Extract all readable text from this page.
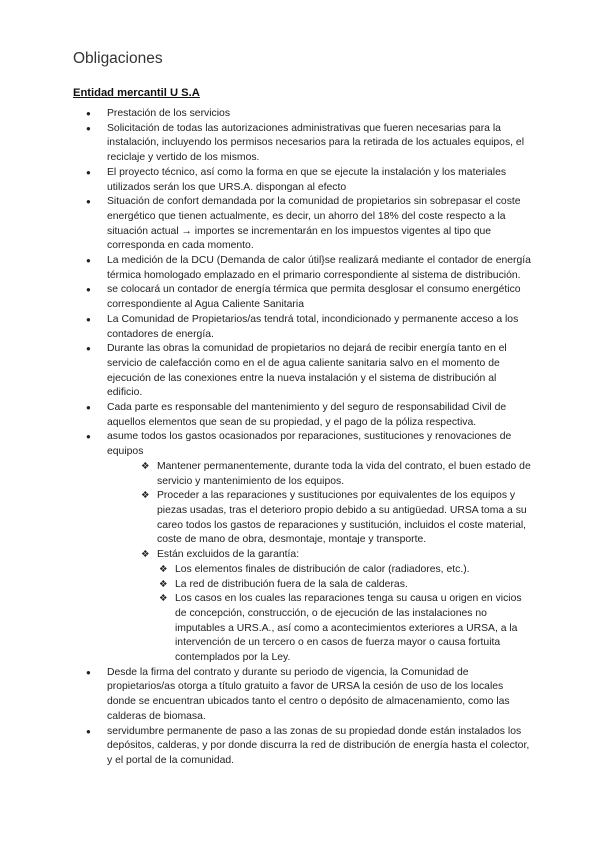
Obligaciones
Entidad mercantil U S.A
● Prestación de los servicios
● Solicitación de todas las autorizaciones administrativas que fueren necesarias para la instalación, incluyendo los permisos necesarios para la retirada de los actuales equipos, el reciclaje y vertido de los mismos.
● El proyecto técnico, así como la forma en que se ejecute la instalación y los materiales utilizados serán los que URS.A. dispongan al efecto
● Situación de confort demandada por la comunidad de propietarios sin sobrepasar el coste energético que tienen actualmente, es decir, un ahorro del 18% del coste respecto a la situación actual → importes se incrementarán en los impuestos vigentes al tipo que corresponda en cada momento.
● La medición de la DCU (Demanda de calor útil}se realizará mediante el contador de energía térmica homologado emplazado en el primario correspondiente al sistema de distribución.
● se colocará un contador de energía térmica que permita desglosar el consumo energético correspondiente al Agua Caliente Sanitaria
● La Comunidad de Propietarios/as tendrá total, incondicionado y permanente acceso a los contadores de energía.
● Durante las obras la comunidad de propietarios no dejará de recibir energía tanto en el servicio de calefacción como en el de agua caliente sanitaria salvo en el momento de ejecución de las conexiones entre la nueva instalación y el sistema de distribución al edificio.
● Cada parte es responsable del mantenimiento y del seguro de responsabilidad Civil de aquellos elementos que sean de su propiedad, y el pago de la póliza respectiva.
● asume todos los gastos ocasionados por reparaciones, sustituciones y renovaciones de equipos
❖ Mantener permanentemente, durante toda la vida del contrato, el buen estado de servicio y mantenimiento de los equipos.
❖ Proceder a las reparaciones y sustituciones por equivalentes de los equipos y piezas usadas, tras el deterioro propio debido a su antigüedad. URSA toma a su careo todos los gastos de reparaciones y sustitución, incluidos el coste material, coste de mano de obra, desmontaje, montaje y transporte.
❖ Están excluidos de la garantía:
❖ Los elementos finales de distribución de calor (radiadores, etc.).
❖ La red de distribución fuera de la sala de calderas.
❖ Los casos en los cuales las reparaciones tenga su causa u origen en vicios de concepción, construcción, o de ejecución de las instalaciones no imputables a URS.A., así como a acontecimientos exteriores a URSA, a la intervención de un tercero o en casos de fuerza mayor o causa fortuita contemplados por la Ley.
● Desde la firma del contrato y durante su periodo de vigencia, la Comunidad de propietarios/as otorga a título gratuito a favor de URSA la cesión de uso de los locales donde se encuentran ubicados tanto el centro o depósito de almacenamiento, como las calderas de biomasa.
● servidumbre permanente de paso a las zonas de su propiedad donde están instalados los depósitos, calderas, y por donde discurra la red de distribución de energía hasta el colector, y el portal de la comunidad.
